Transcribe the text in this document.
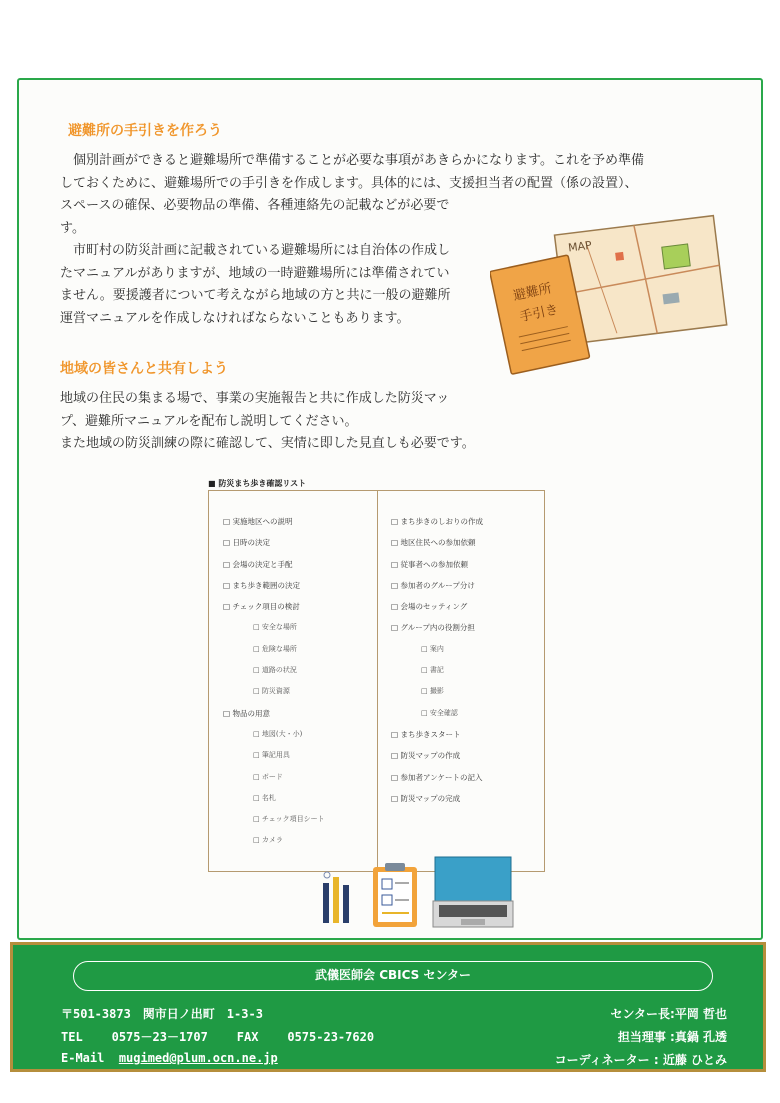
避難所の手引きを作ろう
　個別計画ができると避難場所で準備することが必要な事項があきらかになります。これを予め準備
しておくために、避難場所での手引きを作成します。具体的には、支援担当者の配置（係の設置）、
スペースの確保、必要物品の準備、各種連絡先の記載などが必要で
す。
　市町村の防災計画に記載されている避難場所には自治体の作成し
たマニュアルがありますが、地域の一時避難場所には準備されてい
ません。要援護者について考えながら地域の方と共に一般の避難所
運営マニュアルを作成しなければならないこともあります。
MAP
避難所
手引き
地域の皆さんと共有しよう
地域の住民の集まる場で、事業の実施報告と共に作成した防災マッ
プ、避難所マニュアルを配布し説明してください。
また地域の防災訓練の際に確認して、実情に即した見直しも必要です。
■ 防災まち歩き確認リスト
□ 実施地区への説明
□ 日時の決定
□ 会場の決定と手配
□ まち歩き範囲の決定
□ チェック項目の検討
□ 安全な場所
□ 危険な場所
□ 道路の状況
□ 防災資源
□ 物品の用意
□ 地図(大・小)
□ 筆記用具
□ ボード
□ 名札
□ チェック項目シート
□ カメラ
□ まち歩きのしおりの作成
□ 地区住民への参加依頼
□ 従事者への参加依頼
□ 参加者のグループ分け
□ 会場のセッティング
□ グループ内の役割分担
□ 案内
□ 書記
□ 撮影
□ 安全確認
□ まち歩きスタート
□ 防災マップの作成
□ 参加者アンケートの記入
□ 防災マップの完成
武儀医師会 CBICS センター
〒501-3873　関市日ノ出町　1-3-3
TEL 0575－23－1707 FAX 0575-23-7620
E-Mail mugimed@plum.ocn.ne.jp
センター長:平岡 哲也
担当理事 :真鍋 孔透
コーディネーター : 近藤 ひとみ
